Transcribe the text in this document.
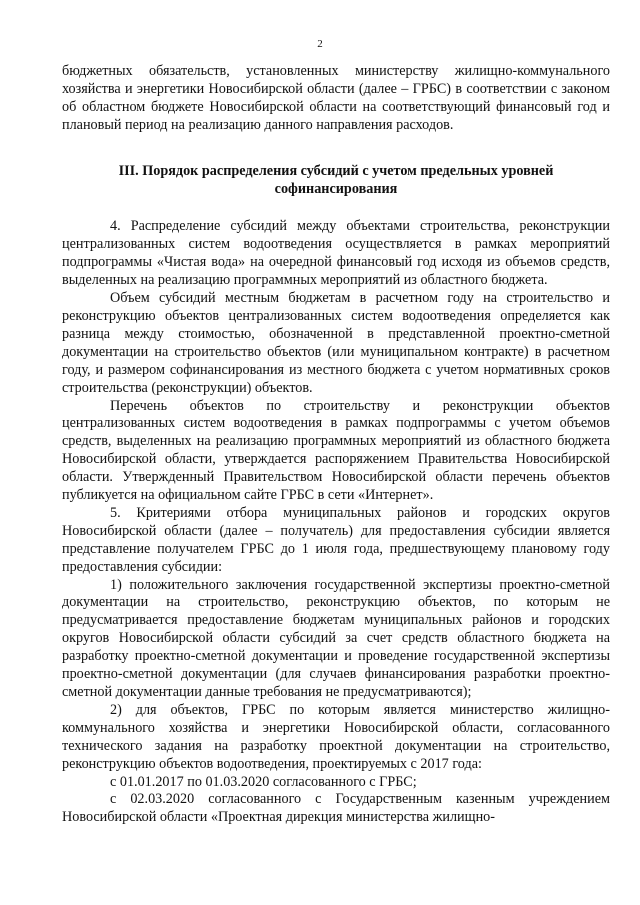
2

бюджетных обязательств, установленных министерству жилищно-коммунального хозяйства и энергетики Новосибирской области (далее – ГРБС) в соответствии с законом об областном бюджете Новосибирской области на соответствующий финансовый год и плановый период на реализацию данного направления расходов.

III. Порядок распределения субсидий с учетом предельных уровней софинансирования

4. Распределение субсидий между объектами строительства, реконструкции централизованных систем водоотведения осуществляется в рамках мероприятий подпрограммы «Чистая вода» на очередной финансовый год исходя из объемов средств, выделенных на реализацию программных мероприятий из областного бюджета.

Объем субсидий местным бюджетам в расчетном году на строительство и реконструкцию объектов централизованных систем водоотведения определяется как разница между стоимостью, обозначенной в представленной проектно-сметной документации на строительство объектов (или муниципальном контракте) в расчетном году, и размером софинансирования из местного бюджета с учетом нормативных сроков строительства (реконструкции) объектов.

Перечень объектов по строительству и реконструкции объектов централизованных систем водоотведения в рамках подпрограммы с учетом объемов средств, выделенных на реализацию программных мероприятий из областного бюджета Новосибирской области, утверждается распоряжением Правительства Новосибирской области. Утвержденный Правительством Новосибирской области перечень объектов публикуется на официальном сайте ГРБС в сети «Интернет».

5. Критериями отбора муниципальных районов и городских округов Новосибирской области (далее – получатель) для предоставления субсидии является представление получателем ГРБС до 1 июля года, предшествующему плановому году предоставления субсидии:

1) положительного заключения государственной экспертизы проектно-сметной документации на строительство, реконструкцию объектов, по которым не предусматривается предоставление бюджетам муниципальных районов и городских округов Новосибирской области субсидий за счет средств областного бюджета на разработку проектно-сметной документации и проведение государственной экспертизы проектно-сметной документации (для случаев финансирования разработки проектно-сметной документации данные требования не предусматриваются);

2) для объектов, ГРБС по которым является министерство жилищно-коммунального хозяйства и энергетики Новосибирской области, согласованного технического задания на разработку проектной документации на строительство, реконструкцию объектов водоотведения, проектируемых с 2017 года:

с 01.01.2017 по 01.03.2020 согласованного с ГРБС;

с 02.03.2020 согласованного с Государственным казенным учреждением Новосибирской области «Проектная дирекция министерства жилищно-
